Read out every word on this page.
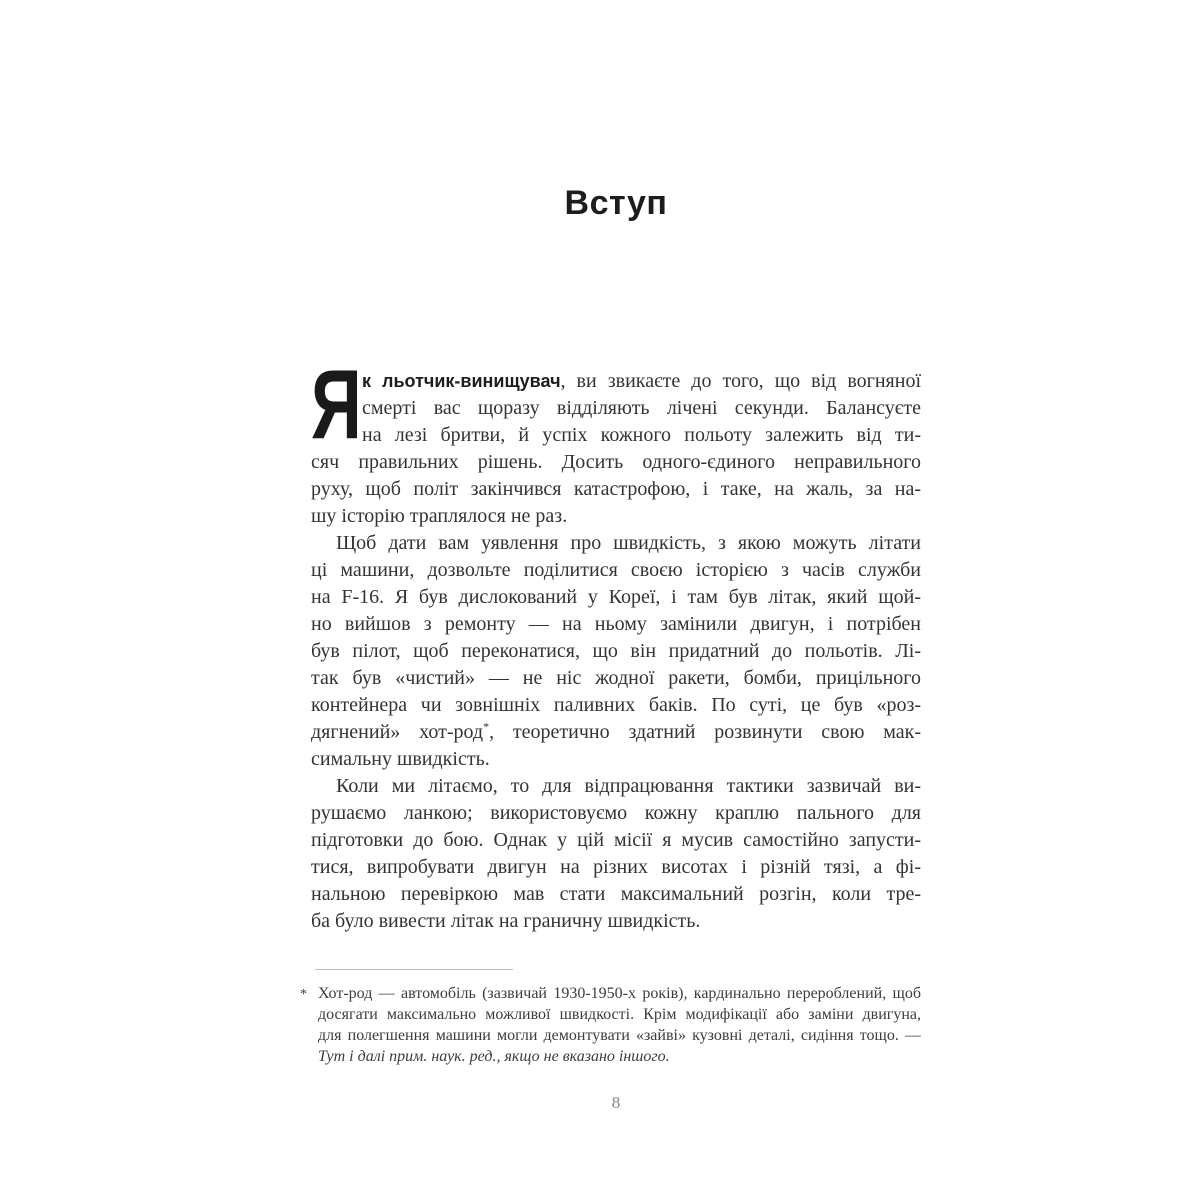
Вступ
Я к льотчик-винищувач, ви звикаєте до того, що від вогняної
смерті вас щоразу відділяють лічені секунди. Балансуєте
на лезі бритви, й успіх кожного польоту залежить від ти-
сяч правильних рішень. Досить одного-єдиного неправильного
руху, щоб політ закінчився катастрофою, і таке, на жаль, за на-
шу історію траплялося не раз.
Щоб дати вам уявлення про швидкість, з якою можуть літати
ці машини, дозвольте поділитися своєю історією з часів служби
на F-16. Я був дислокований у Кореї, і там був літак, який щой-
но вийшов з ремонту — на ньому замінили двигун, і потрібен
був пілот, щоб переконатися, що він придатний до польотів. Лі-
так був «чистий» — не ніс жодної ракети, бомби, прицільного
контейнера чи зовнішніх паливних баків. По суті, це був «роз-
дягнений» хот-род*, теоретично здатний розвинути свою мак-
симальну швидкість.
Коли ми літаємо, то для відпрацювання тактики зазвичай ви-
рушаємо ланкою; використовуємо кожну краплю пального для
підготовки до бою. Однак у цій місії я мусив самостійно запусти-
тися, випробувати двигун на різних висотах і різній тязі, а фі-
нальною перевіркою мав стати максимальний розгін, коли тре-
ба було вивести літак на граничну швидкість.
* Хот-род — автомобіль (зазвичай 1930-1950-х років), кардинально перероблений, щоб
досягати максимально можливої швидкості. Крім модифікації або заміни двигуна,
для полегшення машини могли демонтувати «зайві» кузовні деталі, сидіння тощо. —
Тут і далі прим. наук. ред., якщо не вказано іншого.
8
